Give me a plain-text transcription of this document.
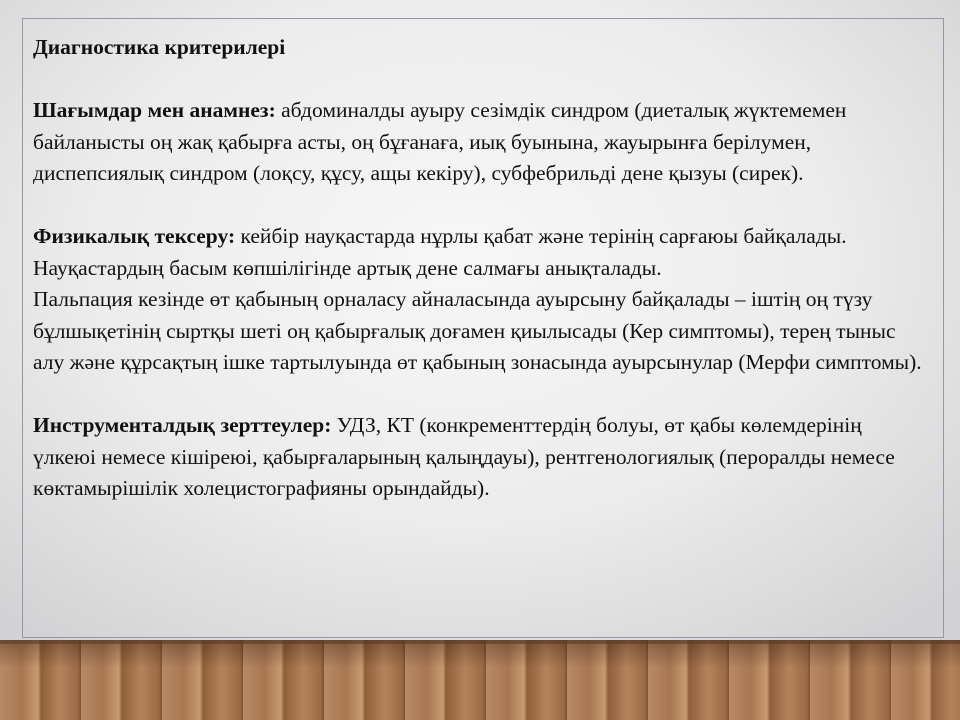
Диагностика критерилері

Шағымдар мен анамнез: абдоминалды ауыру сезімдік синдром (диеталық жүктемемен байланысты оң жақ қабырға асты, оң бұғанаға, иық буынына, жауырынға берілумен, диспепсиялық синдром (лоқсу, құсу, ащы кекіру), субфебрильді дене қызуы (сирек).

Физикалық тексеру: кейбір науқастарда нұрлы қабат және терінің сарғаюы байқалады. Науқастардың басым көпшілігінде артық дене салмағы анықталады.

Пальпация кезінде өт қабының орналасу айналасында ауырсыну байқалады – іштің оң түзу бұлшықетінің сыртқы шеті оң қабырғалық доғамен қиылысады (Кер симптомы), терең тыныс алу және құрсақтың ішке тартылуында өт қабының зонасында ауырсынулар (Мерфи симптомы).

Инструменталдық зерттеулер: УДЗ, КТ (конкременттердің болуы, өт қабы көлемдерінің үлкеюі немесе кішіреюі, қабырғаларының қалыңдауы), рентгенологиялық (пероралды немесе көктамырішілік холецистографияны орындайды).
